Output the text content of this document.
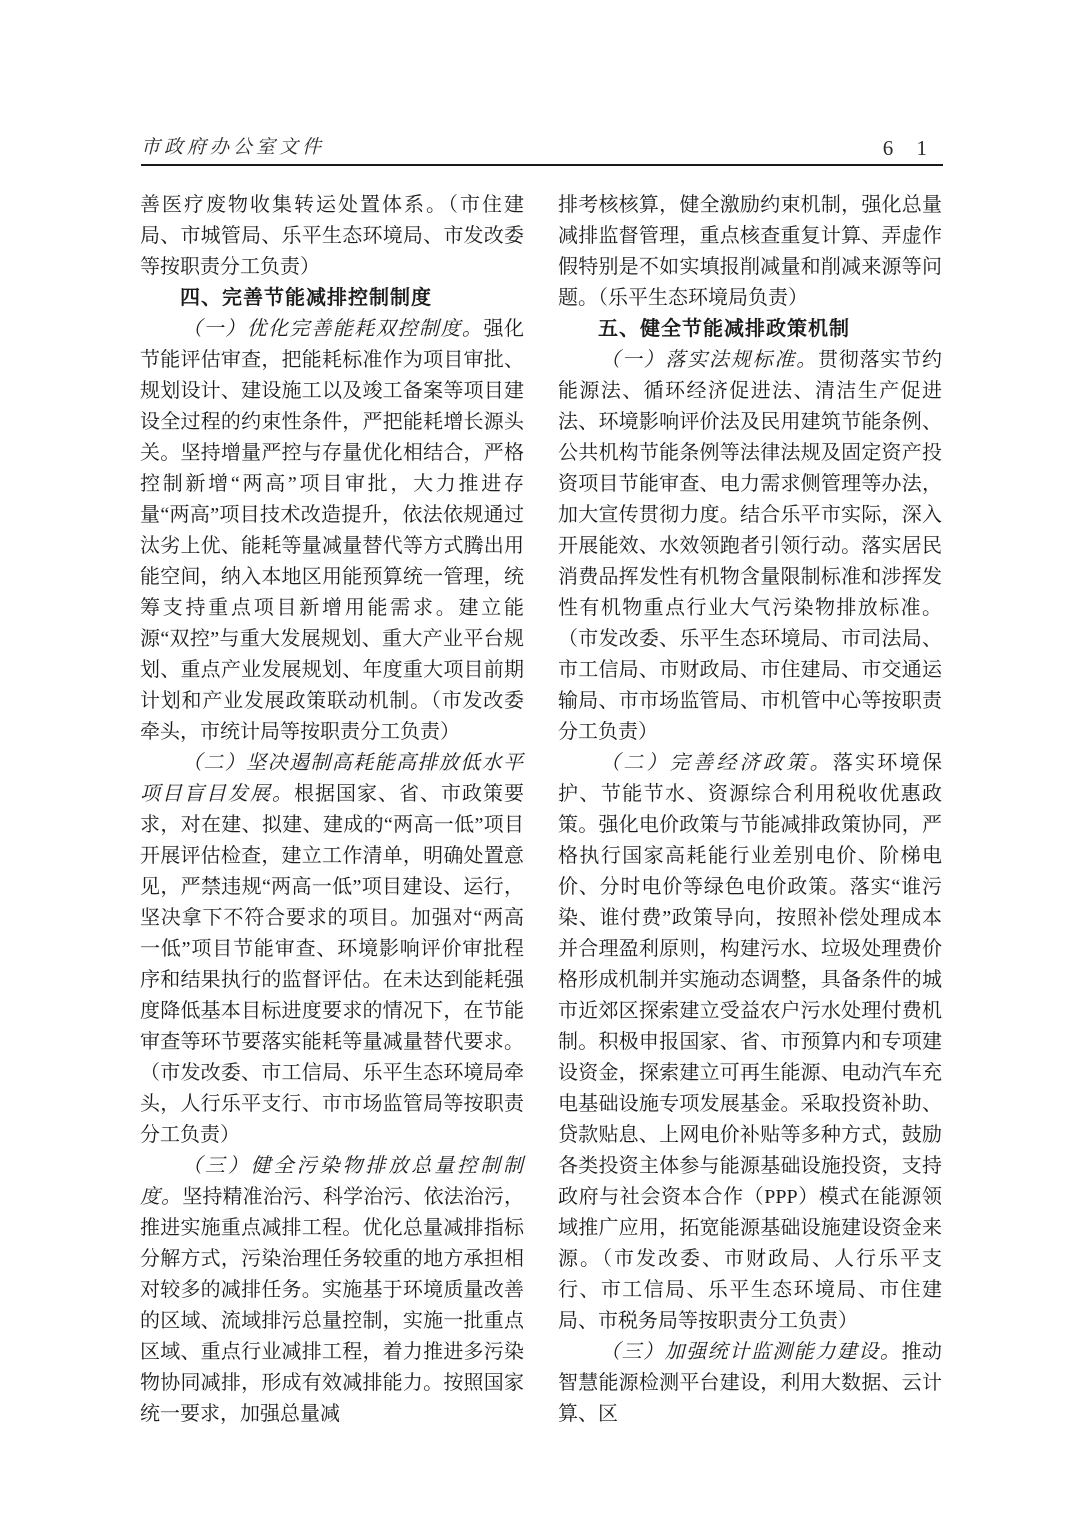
市政府办公室文件	6 1

善医疗废物收集转运处置体系。（市住建局、市城管局、乐平生态环境局、市发改委等按职责分工负责）

四、完善节能减排控制制度

（一）优化完善能耗双控制度。强化节能评估审查，把能耗标准作为项目审批、规划设计、建设施工以及竣工备案等项目建设全过程的约束性条件，严把能耗增长源头关。坚持增量严控与存量优化相结合，严格控制新增“两高”项目审批，大力推进存量“两高”项目技术改造提升，依法依规通过汰劣上优、能耗等量减量替代等方式腾出用能空间，纳入本地区用能预算统一管理，统筹支持重点项目新增用能需求。建立能源“双控”与重大发展规划、重大产业平台规划、重点产业发展规划、年度重大项目前期计划和产业发展政策联动机制。（市发改委牵头，市统计局等按职责分工负责）

（二）坚决遏制高耗能高排放低水平项目盲目发展。根据国家、省、市政策要求，对在建、拟建、建成的“两高一低”项目开展评估检查，建立工作清单，明确处置意见，严禁违规“两高一低”项目建设、运行，坚决拿下不符合要求的项目。加强对“两高一低”项目节能审查、环境影响评价审批程序和结果执行的监督评估。在未达到能耗强度降低基本目标进度要求的情况下，在节能审查等环节要落实能耗等量减量替代要求。（市发改委、市工信局、乐平生态环境局牵头，人行乐平支行、市市场监管局等按职责分工负责）

（三）健全污染物排放总量控制制度。坚持精准治污、科学治污、依法治污，推进实施重点减排工程。优化总量减排指标分解方式，污染治理任务较重的地方承担相对较多的减排任务。实施基于环境质量改善的区域、流域排污总量控制，实施一批重点区域、重点行业减排工程，着力推进多污染物协同减排，形成有效减排能力。按照国家统一要求，加强总量减

排考核核算，健全激励约束机制，强化总量减排监督管理，重点核查重复计算、弄虚作假特别是不如实填报削减量和削减来源等问题。（乐平生态环境局负责）

五、健全节能减排政策机制

（一）落实法规标准。贯彻落实节约能源法、循环经济促进法、清洁生产促进法、环境影响评价法及民用建筑节能条例、公共机构节能条例等法律法规及固定资产投资项目节能审查、电力需求侧管理等办法，加大宣传贯彻力度。结合乐平市实际，深入开展能效、水效领跑者引领行动。落实居民消费品挥发性有机物含量限制标准和涉挥发性有机物重点行业大气污染物排放标准。（市发改委、乐平生态环境局、市司法局、市工信局、市财政局、市住建局、市交通运输局、市市场监管局、市机管中心等按职责分工负责）

（二）完善经济政策。落实环境保护、节能节水、资源综合利用税收优惠政策。强化电价政策与节能减排政策协同，严格执行国家高耗能行业差别电价、阶梯电价、分时电价等绿色电价政策。落实“谁污染、谁付费”政策导向，按照补偿处理成本并合理盈利原则，构建污水、垃圾处理费价格形成机制并实施动态调整，具备条件的城市近郊区探索建立受益农户污水处理付费机制。积极申报国家、省、市预算内和专项建设资金，探索建立可再生能源、电动汽车充电基础设施专项发展基金。采取投资补助、贷款贴息、上网电价补贴等多种方式，鼓励各类投资主体参与能源基础设施投资，支持政府与社会资本合作（PPP）模式在能源领域推广应用，拓宽能源基础设施建设资金来源。（市发改委、市财政局、人行乐平支行、市工信局、乐平生态环境局、市住建局、市税务局等按职责分工负责）

（三）加强统计监测能力建设。推动智慧能源检测平台建设，利用大数据、云计算、区
